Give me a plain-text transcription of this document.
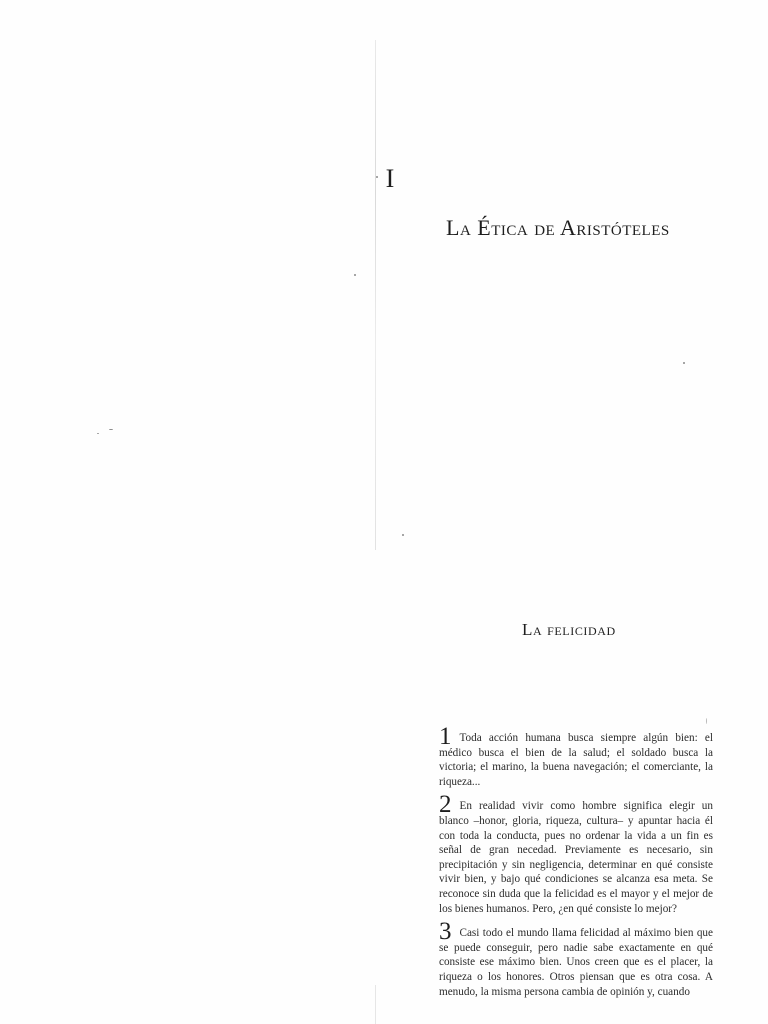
I
La Ética de Aristóteles
La felicidad

1 Toda acción humana busca siempre algún bien: el médico busca el bien de la salud; el soldado busca la victoria; el marino, la buena navegación; el comerciante, la riqueza...

2 En realidad vivir como hombre significa elegir un blanco –honor, gloria, riqueza, cultura– y apuntar hacia él con toda la conducta, pues no ordenar la vida a un fin es señal de gran necedad. Previamente es necesario, sin precipitación y sin negligencia, determinar en qué consiste vivir bien, y bajo qué condiciones se alcanza esa meta. Se reconoce sin duda que la felicidad es el mayor y el mejor de los bienes humanos. Pero, ¿en qué consiste lo mejor?

3 Casi todo el mundo llama felicidad al máximo bien que se puede conseguir, pero nadie sabe exactamente en qué consiste ese máximo bien. Unos creen que es el placer, la riqueza o los honores. Otros piensan que es otra cosa. A menudo, la misma persona cambia de opinión y, cuando
